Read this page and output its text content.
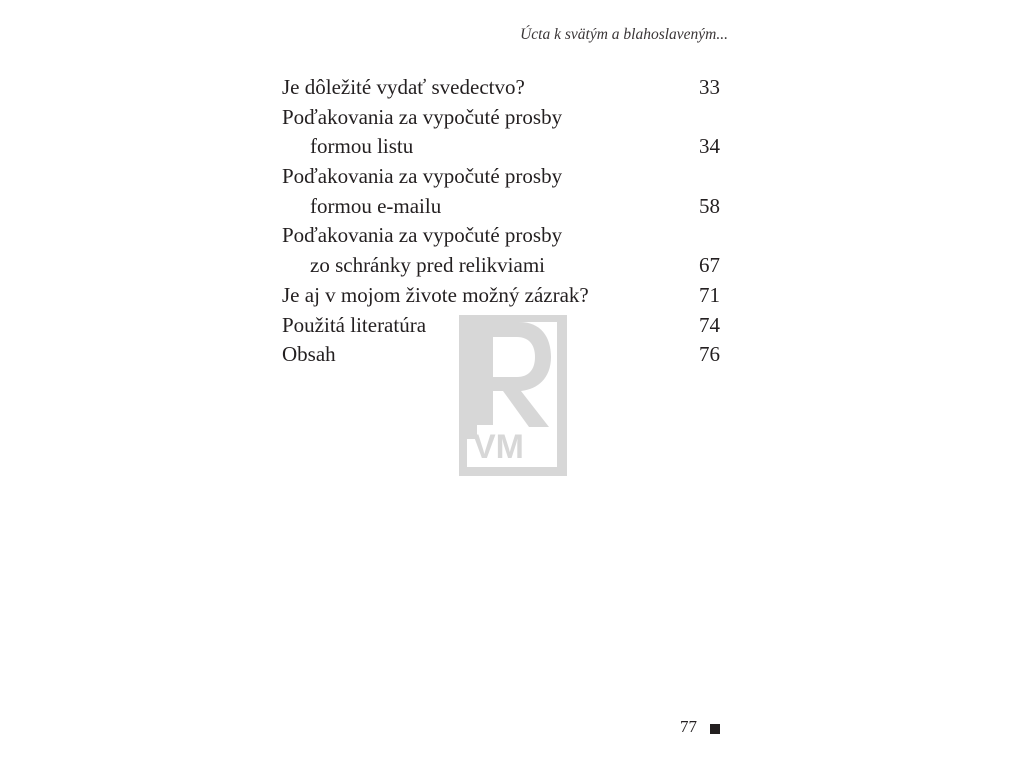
Úcta k svätým a blahoslaveným...
Je dôležité vydať svedectvo?	33
Poďakovania za vypočuté prosby
formou listu	34
Poďakovania za vypočuté prosby
formou e-mailu	58
Poďakovania za vypočuté prosby
zo schránky pred relikviami	67
Je aj v mojom živote možný zázrak?	71
Použitá literatúra	74
Obsah	76
VM
77
